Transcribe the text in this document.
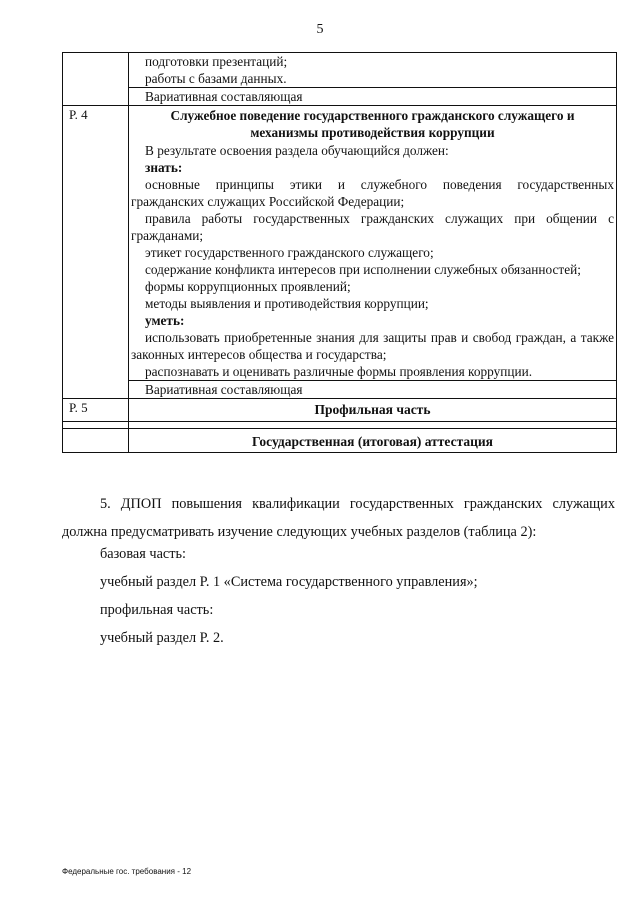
5
подготовки презентаций;
работы с базами данных.
Вариативная составляющая
Р. 4	Служебное поведение государственного гражданского служащего и механизмы противодействия коррупции
В результате освоения раздела обучающийся должен:
знать:
основные принципы этики и служебного поведения государственных гражданских служащих Российской Федерации;
правила работы государственных гражданских служащих при общении с гражданами;
этикет государственного гражданского служащего;
содержание конфликта интересов при исполнении служебных обязанностей;
формы коррупционных проявлений;
методы выявления и противодействия коррупции;
уметь:
использовать приобретенные знания для защиты прав и свобод граждан, а также законных интересов общества и государства;
распознавать и оценивать различные формы проявления коррупции.
Вариативная составляющая
Р. 5	Профильная часть
Государственная (итоговая) аттестация
5. ДПОП повышения квалификации государственных гражданских служащих должна предусматривать изучение следующих учебных разделов (таблица 2):
базовая часть:
учебный раздел Р. 1 «Система государственного управления»;
профильная часть:
учебный раздел Р. 2.
Федеральные гос. требования - 12
